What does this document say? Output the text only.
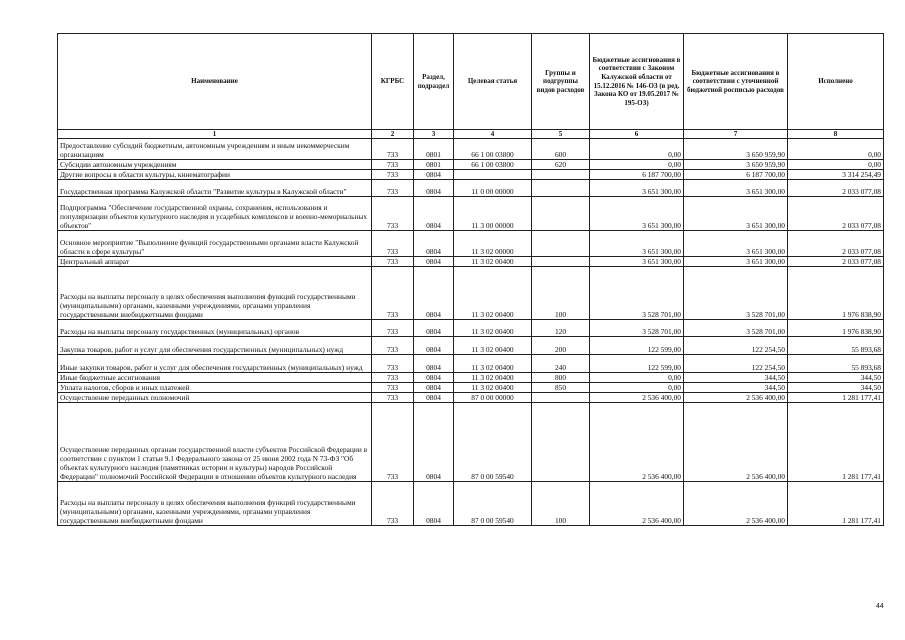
Наименование	КГРБС	Раздел, подраздел	Целевая статья	Группы и подгруппы видов расходов	Бюджетные ассигнования в соответствии с Законом Калужской области от 15.12.2016 № 146-ОЗ (в ред. Закона КО от 19.05.2017 № 195-ОЗ)	Бюджетные ассигнования в соответствии с уточненной бюджетной росписью расходов	Исполнено
1	2	3	4	5	6	7	8
Предоставление субсидий бюджетным, автономным учреждениям и иным некоммерческим организациям	733	0801	66 1 00 03800	600	0,00	3 650 959,90	0,00
Субсидии автономным учреждениям	733	0801	66 1 00 03800	620	0,00	3 650 959,90	0,00
Другие вопросы в области культуры, кинематографии	733	0804			6 187 700,00	6 187 700,00	3 314 254,49
Государственная программа Калужской области "Развитие культуры в Калужской области"	733	0804	11 0 00 00000		3 651 300,00	3 651 300,00	2 033 077,08
Подпрограмма "Обеспечение государственной охраны, сохранения, использования и популяризации объектов культурного наследия и усадебных комплексов и военно-мемориальных объектов"	733	0804	11 3 00 00000		3 651 300,00	3 651 300,00	2 033 077,08
Основное мероприятие "Выполнение функций государственными органами власти Калужской области в сфере культуры"	733	0804	11 3 02 00000		3 651 300,00	3 651 300,00	2 033 077,08
Центральный аппарат	733	0804	11 3 02 00400		3 651 300,00	3 651 300,00	2 033 077,08
Расходы на выплаты персоналу в целях обеспечения выполнения функций государственными (муниципальными) органами, казенными учреждениями, органами управления государственными внебюджетными фондами	733	0804	11 3 02 00400	100	3 528 701,00	3 528 701,00	1 976 838,90
Расходы на выплаты персоналу государственных (муниципальных) органов	733	0804	11 3 02 00400	120	3 528 701,00	3 528 701,00	1 976 838,90
Закупка товаров, работ и услуг для обеспечения государственных (муниципальных) нужд	733	0804	11 3 02 00400	200	122 599,00	122 254,50	55 893,68
Иные закупки товаров, работ и услуг для обеспечения государственных (муниципальных) нужд	733	0804	11 3 02 00400	240	122 599,00	122 254,50	55 893,68
Иные бюджетные ассигнования	733	0804	11 3 02 00400	800	0,00	344,50	344,50
Уплата налогов, сборов и иных платежей	733	0804	11 3 02 00400	850	0,00	344,50	344,50
Осуществление переданных полномочий	733	0804	87 0 00 00000		2 536 400,00	2 536 400,00	1 281 177,41
Осуществление переданных органам государственной власти субъектов Российской Федерации в соответствии с пунктом 1 статьи 9.1 Федерального закона от 25 июня 2002 года N 73-ФЗ "Об объектах культурного наследия (памятниках истории и культуры) народов Российской Федерации" полномочий Российской Федерации в отношении объектов культурного наследия	733	0804	87 0 00 59540		2 536 400,00	2 536 400,00	1 281 177,41
Расходы на выплаты персоналу в целях обеспечения выполнения функций государственными (муниципальными) органами, казенными учреждениями, органами управления государственными внебюджетными фондами	733	0804	87 0 00 59540	100	2 536 400,00	2 536 400,00	1 281 177,41
44
